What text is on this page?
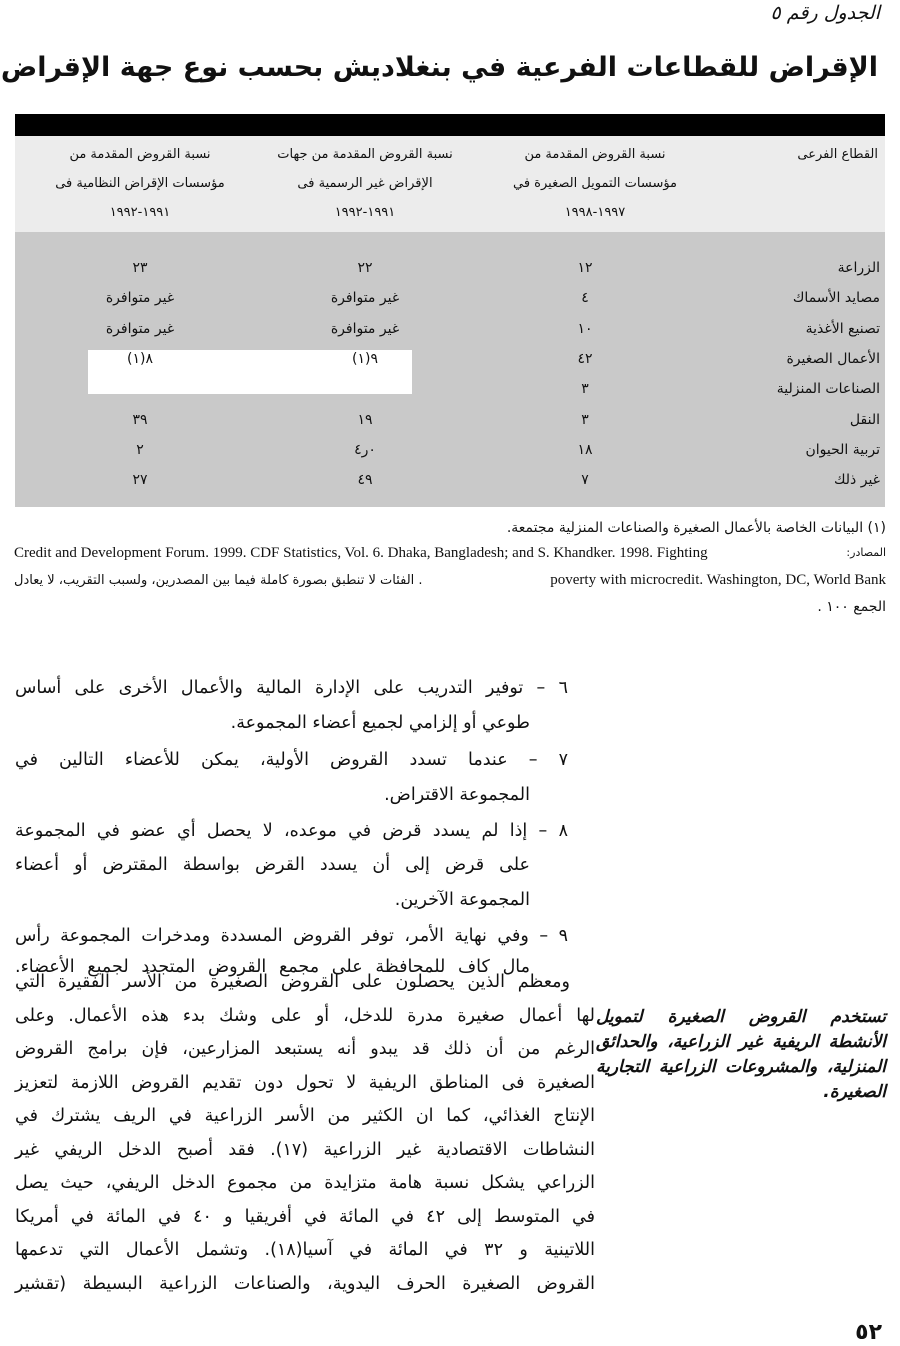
الجدول رقم ٥
الإقراض للقطاعات الفرعية في بنغلاديش بحسب نوع جهة الإقراض
القطاع الفرعى
نسبة القروض المقدمة من
مؤسسات التمويل الصغيرة في
١٩٩٧-١٩٩٨
نسبة القروض المقدمة من جهات
الإقراض غير الرسمية فى
١٩٩١-١٩٩٢
نسبة القروض المقدمة من
مؤسسات الإقراض النظامية فى
١٩٩١-١٩٩٢
الزراعة
١٢
٢٢
٢٣
مصايد الأسماك
٤
غير متوافرة
غير متوافرة
تصنيع الأغذية
١٠
غير متوافرة
غير متوافرة
الأعمال الصغيرة
٤٢
٩(١)
٨(١)
الصناعات المنزلية
٣
النقل
٣
١٩
٣٩
تربية الحيوان
١٨
٠ر٤
٢
غير ذلك
٧
٤٩
٢٧
(١) البيانات الخاصة بالأعمال الصغيرة والصناعات المنزلية مجتمعة.
المصادر:
Credit and Development Forum. 1999. CDF Statistics, Vol. 6. Dhaka, Bangladesh; and S. Khandker. 1998. Fighting
poverty with microcredit. Washington, DC, World Bank
. الفئات لا تنطبق بصورة كاملة فيما بين المصدرين، ولسبب التقريب، لا يعادل
الجمع ١٠٠ .
٦ – توفير التدريب على الإدارة المالية والأعمال الأخرى على أساس
طوعي أو إلزامي لجميع أعضاء المجموعة.
٧ – عندما تسدد القروض الأولية، يمكن للأعضاء التالين في
المجموعة الاقتراض.
٨ – إذا لم يسدد قرض في موعده، لا يحصل أي عضو في المجموعة
على قرض إلى أن يسدد القرض بواسطة المقترض أو أعضاء
المجموعة الآخرين.
٩ – وفي نهاية الأمر، توفر القروض المسددة ومدخرات المجموعة رأس
مال كاف للمحافظة على مجمع القروض المتجدد لجميع الأعضاء.
ومعظم الذين يحصلون على القروض الصغيرة من الأسر الفقيرة التي
لها أعمال صغيرة مدرة للدخل، أو على وشك بدء هذه الأعمال. وعلى
الرغم من أن ذلك قد يبدو أنه يستبعد المزارعين، فإن برامج القروض
الصغيرة فى المناطق الريفية لا تحول دون تقديم القروض اللازمة لتعزيز
الإنتاج الغذائي، كما ان الكثير من الأسر الزراعية في الريف يشترك في
النشاطات الاقتصادية غير الزراعية (١٧). فقد أصبح الدخل الريفي غير
الزراعي يشكل نسبة هامة متزايدة من مجموع الدخل الريفي، حيث يصل
في المتوسط إلى ٤٢ في المائة في أفريقيا و ٤٠ في المائة في أمريكا
اللاتينية و ٣٢ في المائة في آسيا(١٨). وتشمل الأعمال التي تدعمها
القروض الصغيرة الحرف اليدوية، والصناعات الزراعية البسيطة (تقشير
تستخدم القروض الصغيرة لتمويل الأنشطة الريفية غير الزراعية، والحدائق المنزلية، والمشروعات الزراعية التجارية الصغيرة.
٥٢
